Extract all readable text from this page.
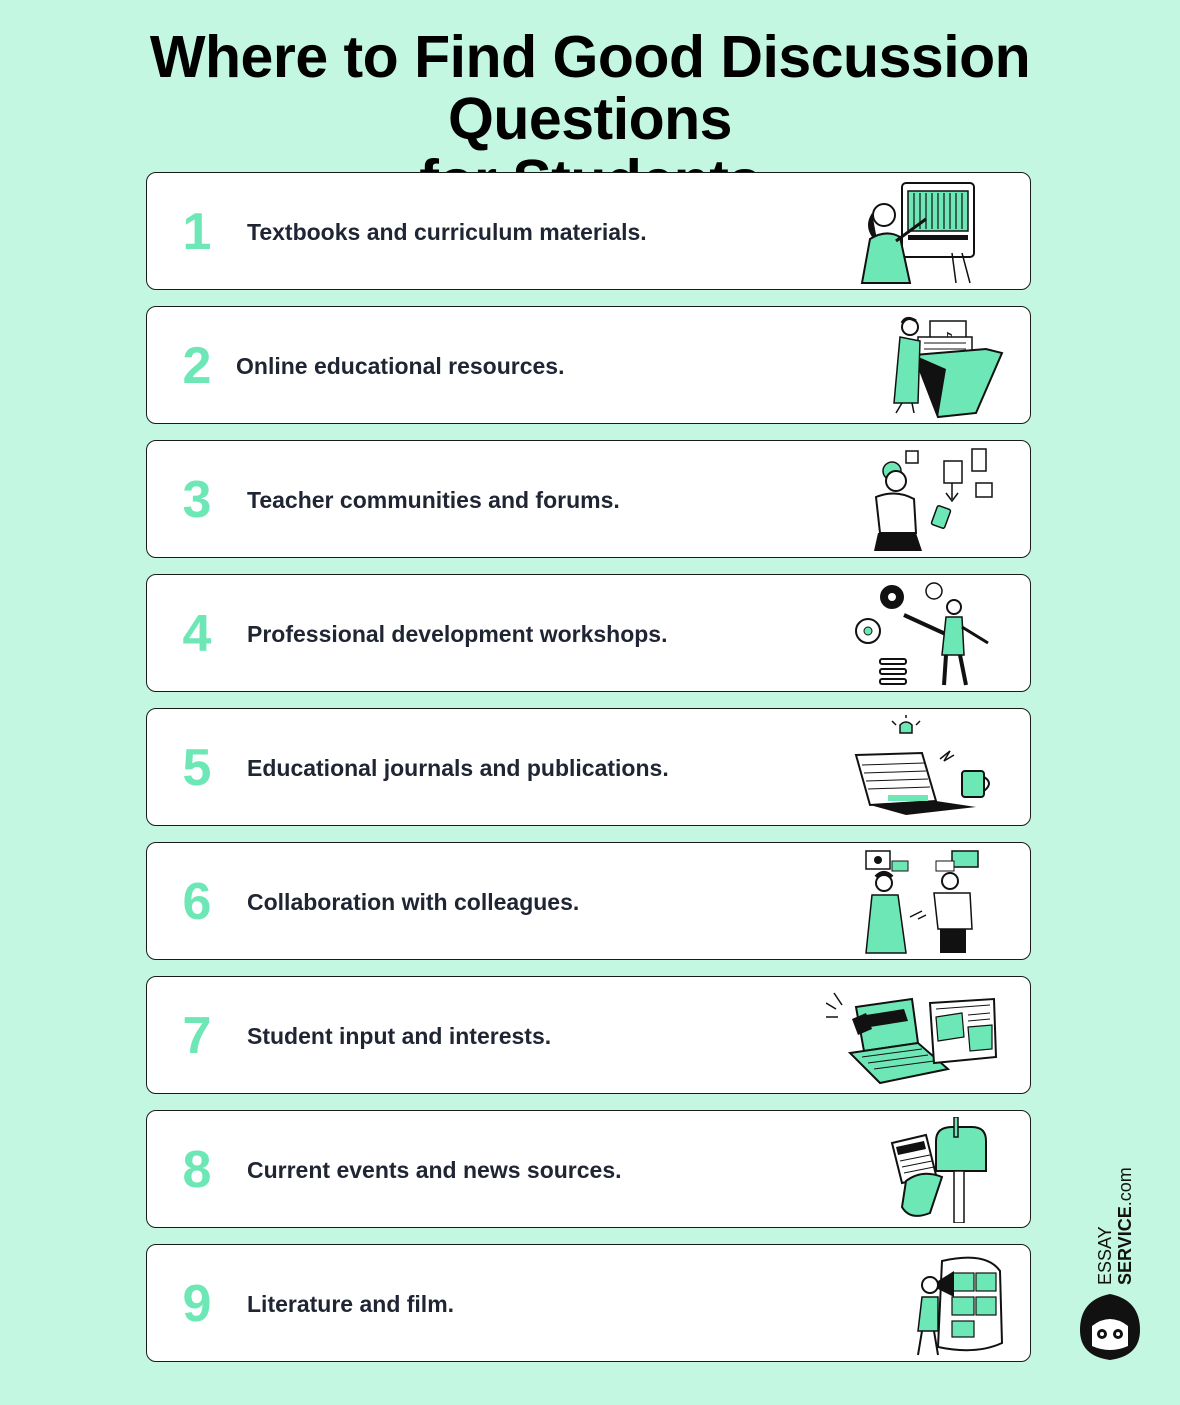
Where to Find Good Discussion Questions
1 Textbooks and curriculum materials.
2 Online educational resources.
3 Teacher communities and forums.
4 Professional development workshops.
5 Educational journals and publications.
6 Collaboration with colleagues.
7 Student input and interests.
8 Current events and news sources.
9 Literature and film.
ESSAY SERVICE.com
